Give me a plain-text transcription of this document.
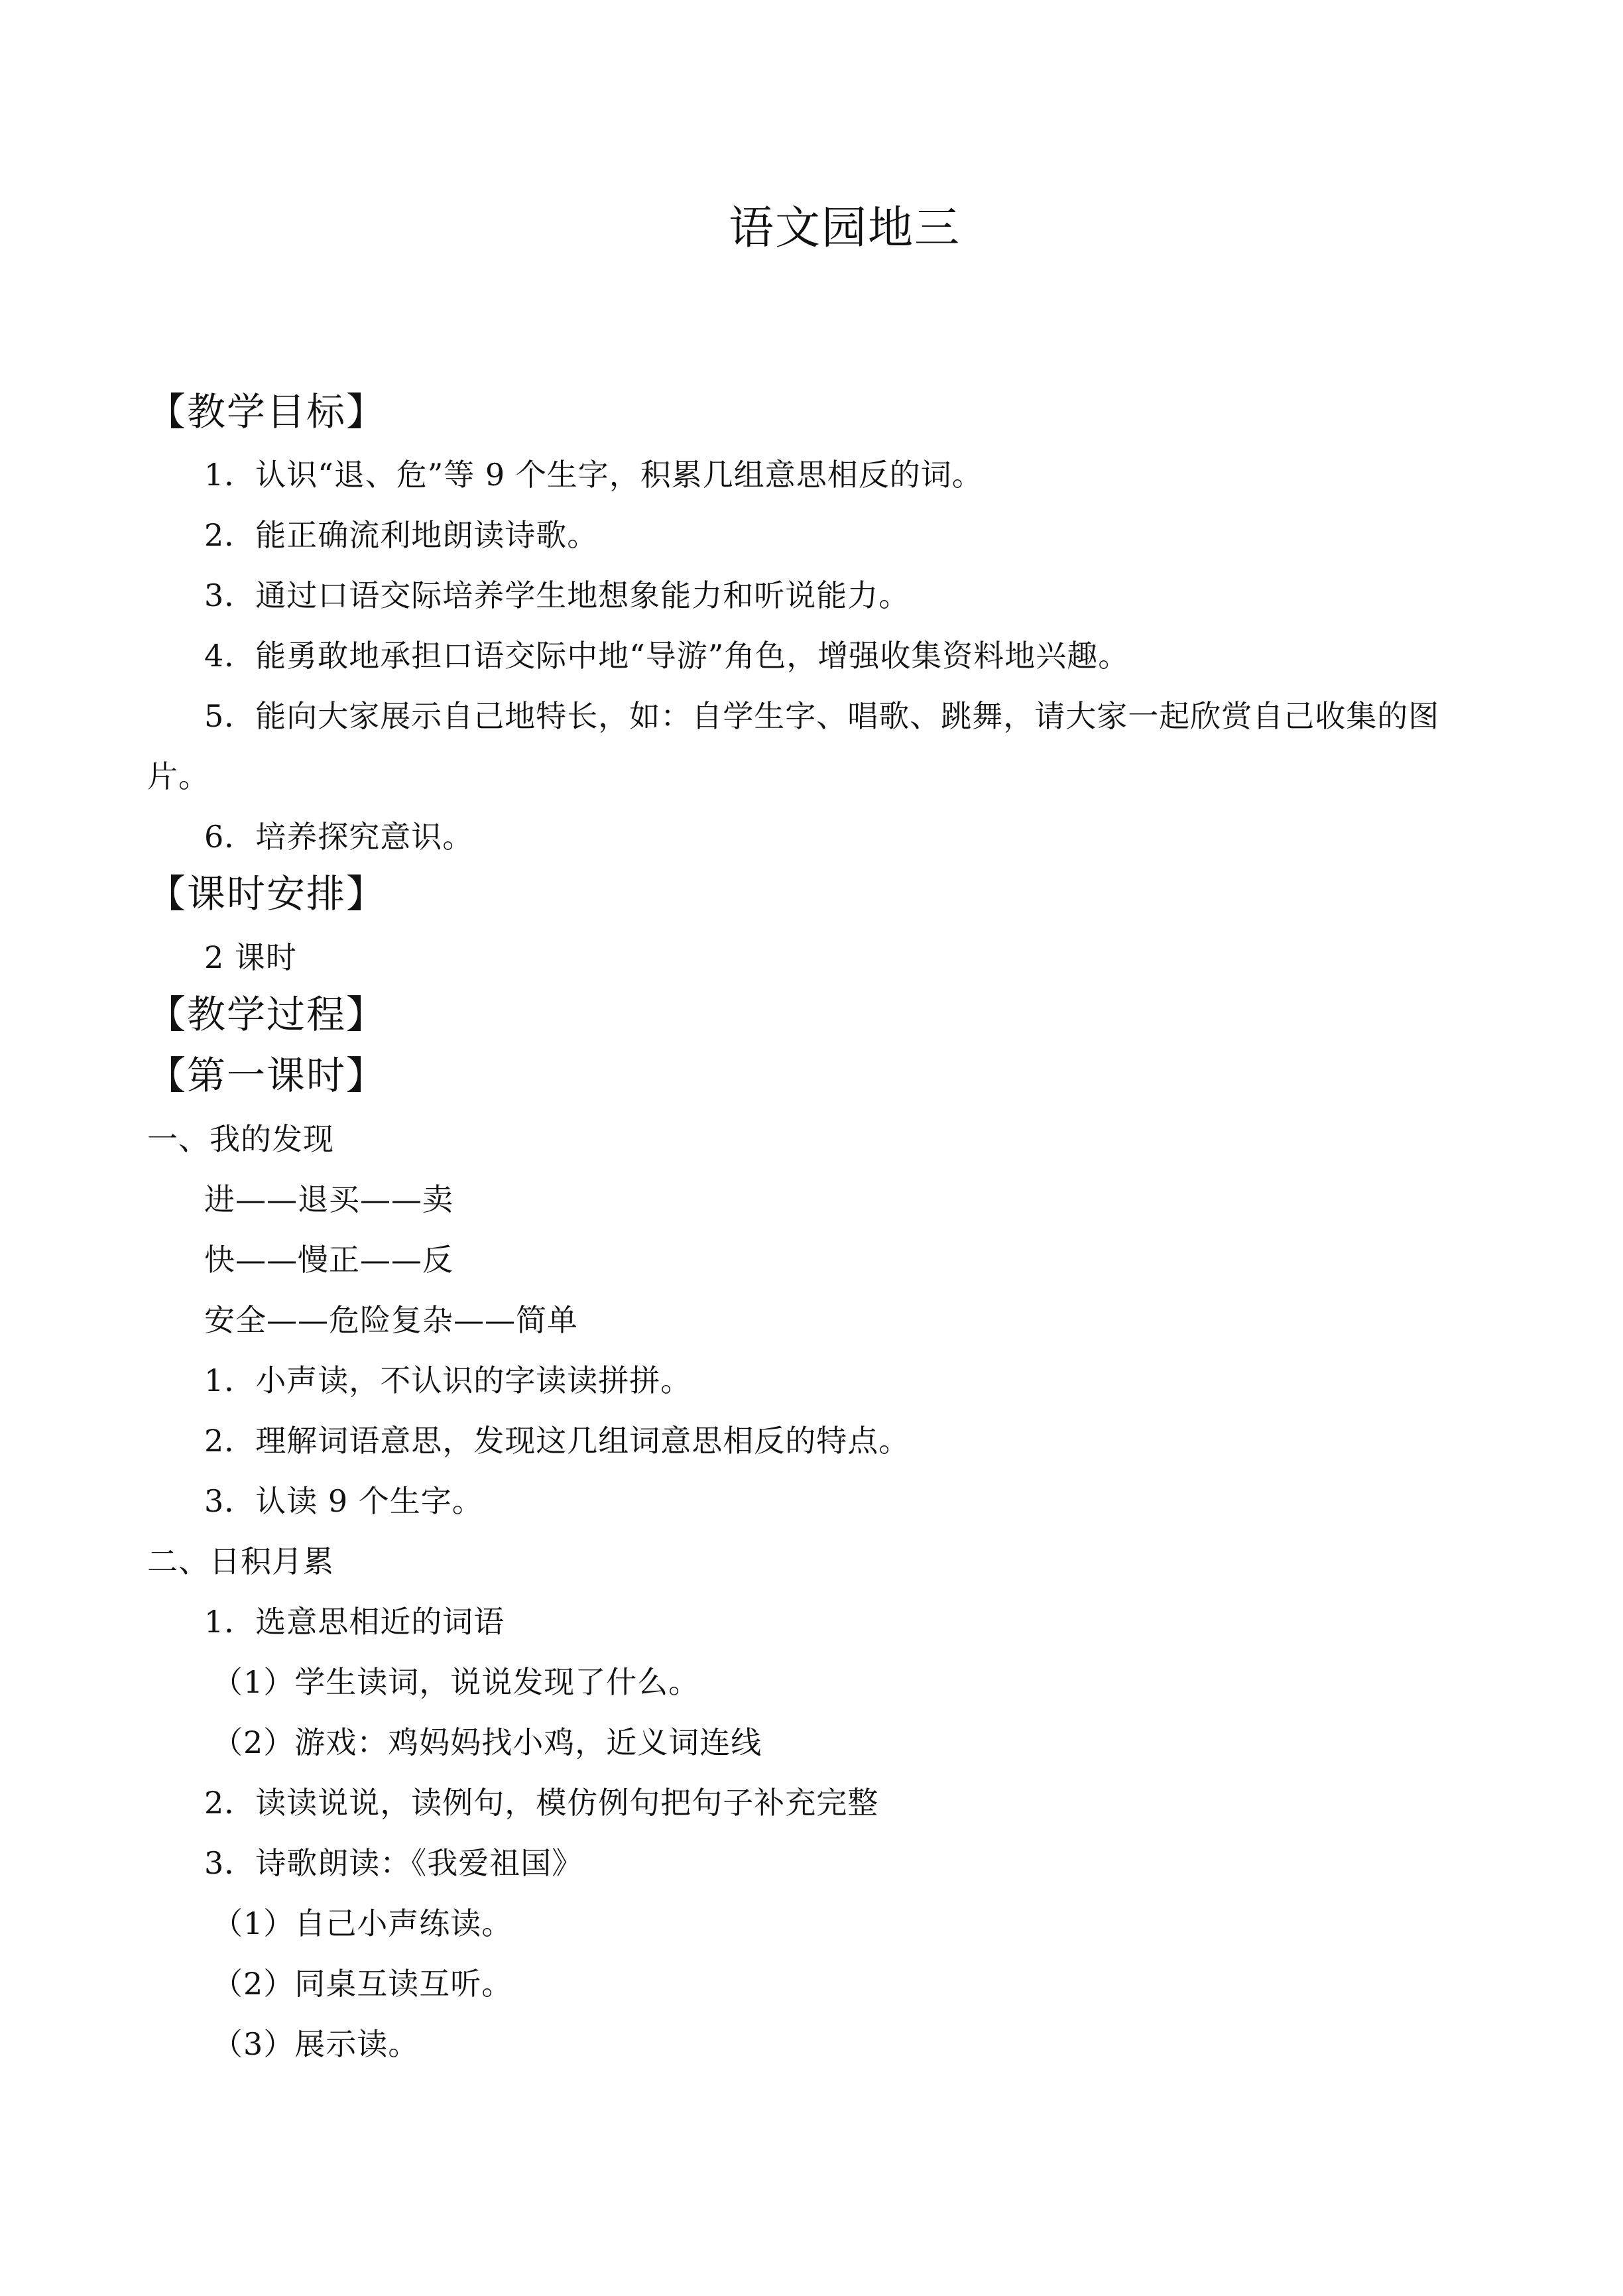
语文园地三
【教学目标】
1．认识“退、危”等 9 个生字，积累几组意思相反的词。
2．能正确流利地朗读诗歌。
3．通过口语交际培养学生地想象能力和听说能力。
4．能勇敢地承担口语交际中地“导游”角色，增强收集资料地兴趣。
5．能向大家展示自己地特长，如：自学生字、唱歌、跳舞，请大家一起欣赏自己收集的图
片。
6．培养探究意识。
【课时安排】
2 课时
【教学过程】
【第一课时】
一、我的发现
进——退买——卖
快——慢正——反
安全——危险复杂——简单
1．小声读，不认识的字读读拼拼。
2．理解词语意思，发现这几组词意思相反的特点。
3．认读 9 个生字。
二、日积月累
1．选意思相近的词语
（1）学生读词，说说发现了什么。
（2）游戏：鸡妈妈找小鸡，近义词连线
2．读读说说，读例句，模仿例句把句子补充完整
3．诗歌朗读：《我爱祖国》
（1）自己小声练读。
（2）同桌互读互听。
（3）展示读。
